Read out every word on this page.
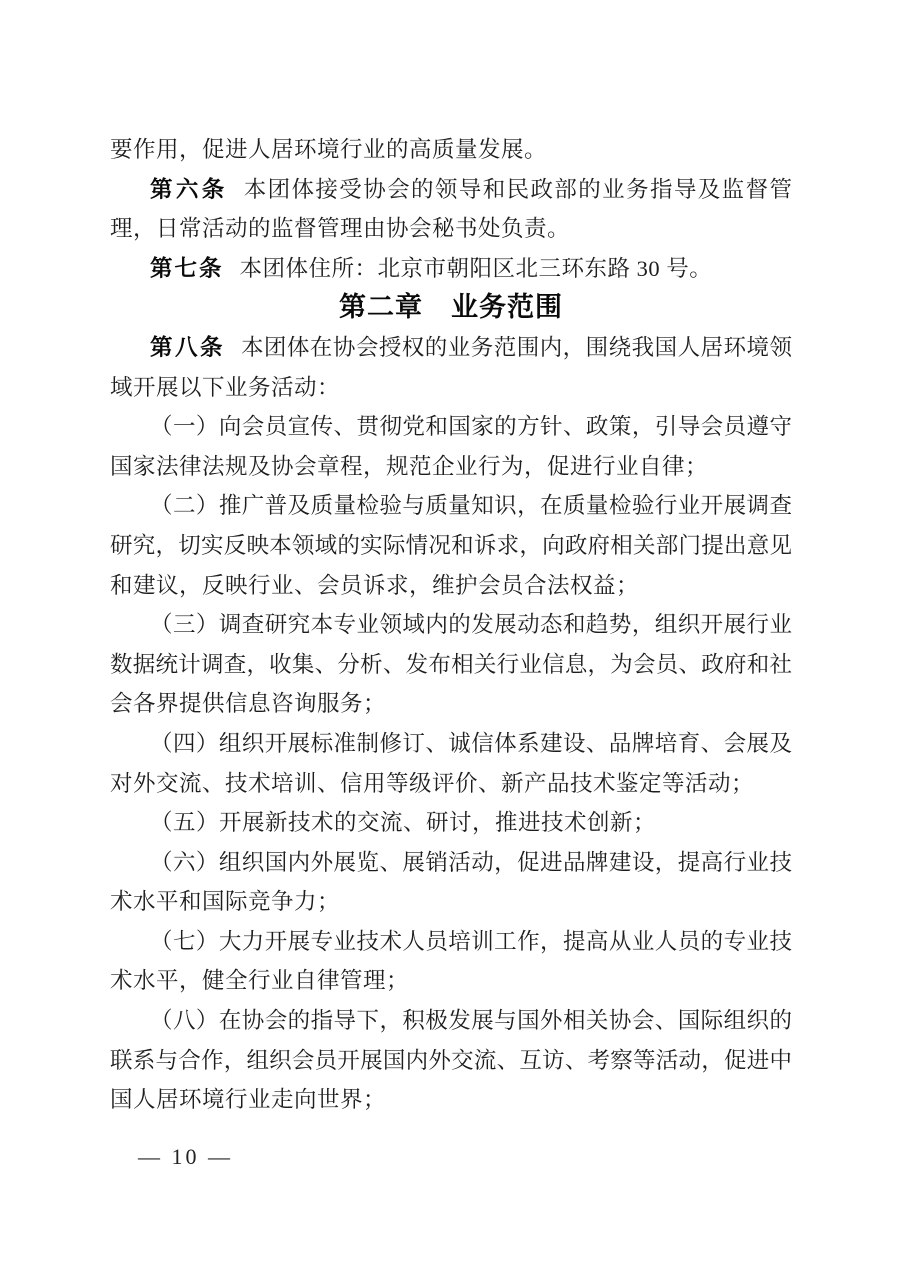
要作用，促进人居环境行业的高质量发展。
第六条 本团体接受协会的领导和民政部的业务指导及监督管
理，日常活动的监督管理由协会秘书处负责。
第七条 本团体住所：北京市朝阳区北三环东路 30 号。
第二章　业务范围
第八条 本团体在协会授权的业务范围内，围绕我国人居环境领
域开展以下业务活动：
（一）向会员宣传、贯彻党和国家的方针、政策，引导会员遵守
国家法律法规及协会章程，规范企业行为，促进行业自律；
（二）推广普及质量检验与质量知识，在质量检验行业开展调查
研究，切实反映本领域的实际情况和诉求，向政府相关部门提出意见
和建议，反映行业、会员诉求，维护会员合法权益；
（三）调查研究本专业领域内的发展动态和趋势，组织开展行业
数据统计调查，收集、分析、发布相关行业信息，为会员、政府和社
会各界提供信息咨询服务；
（四）组织开展标准制修订、诚信体系建设、品牌培育、会展及
对外交流、技术培训、信用等级评价、新产品技术鉴定等活动；
（五）开展新技术的交流、研讨，推进技术创新；
（六）组织国内外展览、展销活动，促进品牌建设，提高行业技
术水平和国际竞争力；
（七）大力开展专业技术人员培训工作，提高从业人员的专业技
术水平，健全行业自律管理；
（八）在协会的指导下，积极发展与国外相关协会、国际组织的
联系与合作，组织会员开展国内外交流、互访、考察等活动，促进中
国人居环境行业走向世界；
— 10 —
